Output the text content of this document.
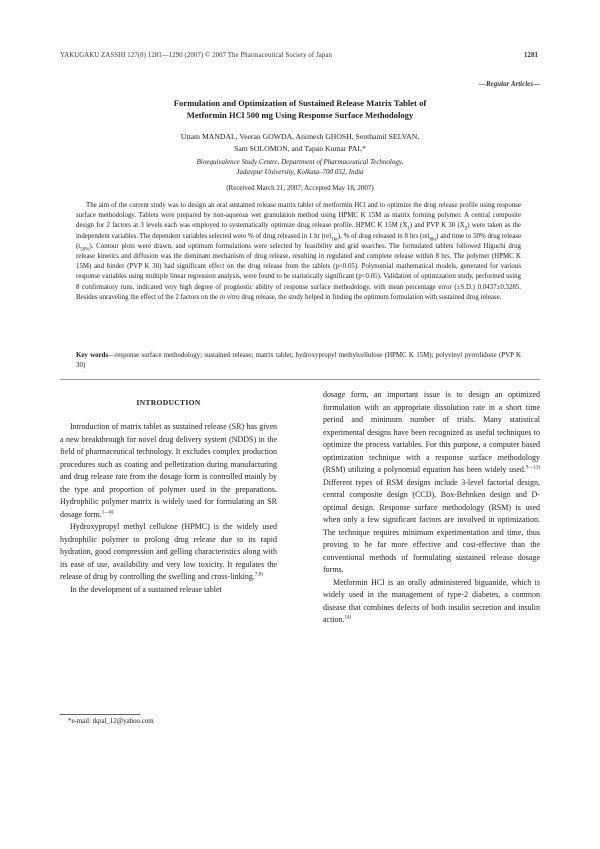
YAKUGAKU ZASSHI 127(8) 1281—1290 (2007) © 2007 The Pharmaceutical Society of Japan	1281
—Regular Articles—
Formulation and Optimization of Sustained Release Matrix Tablet of
Metformin HCl 500 mg Using Response Surface Methodology
Uttam MANDAL, Veeran GOWDA, Animesh GHOSH, Senthamil SELVAN,
Sam SOLOMON, and Tapan Kumar PAL*
Bioequivalence Study Centre, Department of Pharmaceutical Technology,
Jadavpur University, Kolkata–700 032, India
(Received March 21, 2007; Accepted May 18, 2007)
The aim of the current study was to design an oral sustained release matrix tablet of metformin HCl and to optimize the drug release profile using response surface methodology. Tablets were prepared by non-aqueous wet granulation method using HPMC K 15M as matrix forming polymer. A central composite design for 2 factors at 3 levels each was employed to systematically optimize drug release profile. HPMC K 15M $(X_1)$ and PVP K 30 $(X_2)$ were taken as the independent variables. The dependent variables selected were % of drug released in 1 hr (rel$_{1hr}$), % of drug released in 8 hrs (rel$_{8hr}$) and time to 50% drug release $(t_{50\%})$. Contour plots were drawn, and optimum formulations were selected by feasibility and grid searches. The formulated tablets followed Higuchi drug release kinetics and diffusion was the dominant mechanism of drug release, resulting in regulated and complete release within 8 hrs. The polymer (HPMC K 15M) and binder (PVP K 30) had significant effect on the drug release from the tablets (p<0.05). Polynomial mathematical models, generated for various response variables using multiple linear regression analysis, were found to be statistically significant (p<0.05). Validation of optimization study, performed using 8 confirmatory runs, indicated very high degree of prognostic ability of response surface methodology, with mean percentage error (±S.D.) 0.0437±0.3285. Besides unraveling the effect of the 2 factors on the in vitro drug release, the study helped in finding the optimum formulation with sustained drug release.
Key words—response surface methodology; sustained release; matrix tablet; hydroxypropyl methylcellulose (HPMC K 15M); polyvinyl pyrrolidone (PVP K 30)
INTRODUCTION

Introduction of matrix tablet as sustained release (SR) has given a new breakthrough for novel drug delivery system (NDDS) in the field of pharmaceutical technology. It excludes complex production procedures such as coating and pelletization during manufacturing and drug release rate from the dosage form is controlled mainly by the type and proportion of polymer used in the preparations. Hydrophilic polymer matrix is widely used for formulating an SR dosage form.$^{1—6)}$

Hydroxypropyl methyl cellulose (HPMC) is the widely used hydrophilic polymer to prolong drug release due to its rapid hydration, good compression and gelling characteristics along with its ease of use, availability and very low toxicity. It regulates the release of drug by controlling the swelling and cross-linking.$^{7,8)}$

In the development of a sustained release tablet

*e-mail: tkpal_12@yahoo.com
dosage form, an important issue is to design an optimized formulation with an appropriate dissolution rate in a short time period and minimum number of trials. Many statistical experimental designs have been recognized as useful techniques to optimize the process variables. For this purpose, a computer based optimization technique with a response surface methodology (RSM) utilizing a polynomial equation has been widely used.$^{9—13)}$ Different types of RSM designs include 3-level factorial design, central composite design (CCD), Box-Behnken design and D-optimal design. Response surface methodology (RSM) is used when only a few significant factors are involved in optimization. The technique requires minimum experimentation and time, thus proving to be far more effective and cost-effective than the conventional methods of formulating sustained release dosage forms.

Metformin HCl is an orally administered biguanide, which is widely used in the management of type-2 diabetes, a common disease that combines defects of both insulin secretion and insulin action.$^{14)}$
